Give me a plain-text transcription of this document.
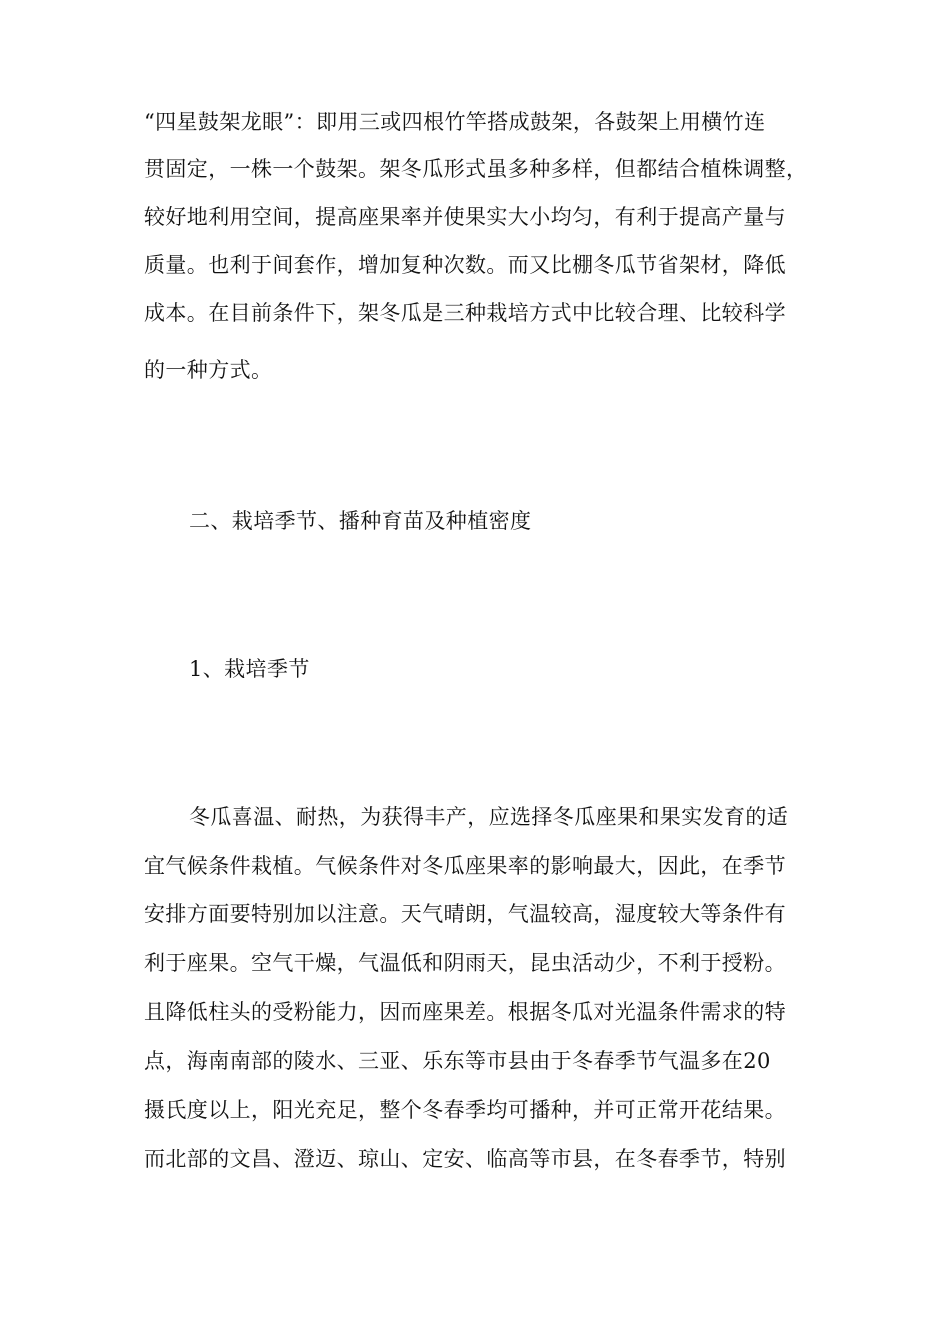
“四星鼓架龙眼”：即用三或四根竹竿搭成鼓架，各鼓架上用横竹连
贯固定，一株一个鼓架。架冬瓜形式虽多种多样，但都结合植株调整，
较好地利用空间，提高座果率并使果实大小均匀，有利于提高产量与
质量。也利于间套作，增加复种次数。而又比棚冬瓜节省架材，降低
成本。在目前条件下，架冬瓜是三种栽培方式中比较合理、比较科学
的一种方式。
二、栽培季节、播种育苗及种植密度
1、栽培季节
冬瓜喜温、耐热，为获得丰产，应选择冬瓜座果和果实发育的适
宜气候条件栽植。气候条件对冬瓜座果率的影响最大，因此，在季节
安排方面要特别加以注意。天气晴朗，气温较高，湿度较大等条件有
利于座果。空气干燥，气温低和阴雨天，昆虫活动少，不利于授粉。
且降低柱头的受粉能力，因而座果差。根据冬瓜对光温条件需求的特
点，海南南部的陵水、三亚、乐东等市县由于冬春季节气温多在20
摄氏度以上，阳光充足，整个冬春季均可播种，并可正常开花结果。
而北部的文昌、澄迈、琼山、定安、临高等市县，在冬春季节，特别
